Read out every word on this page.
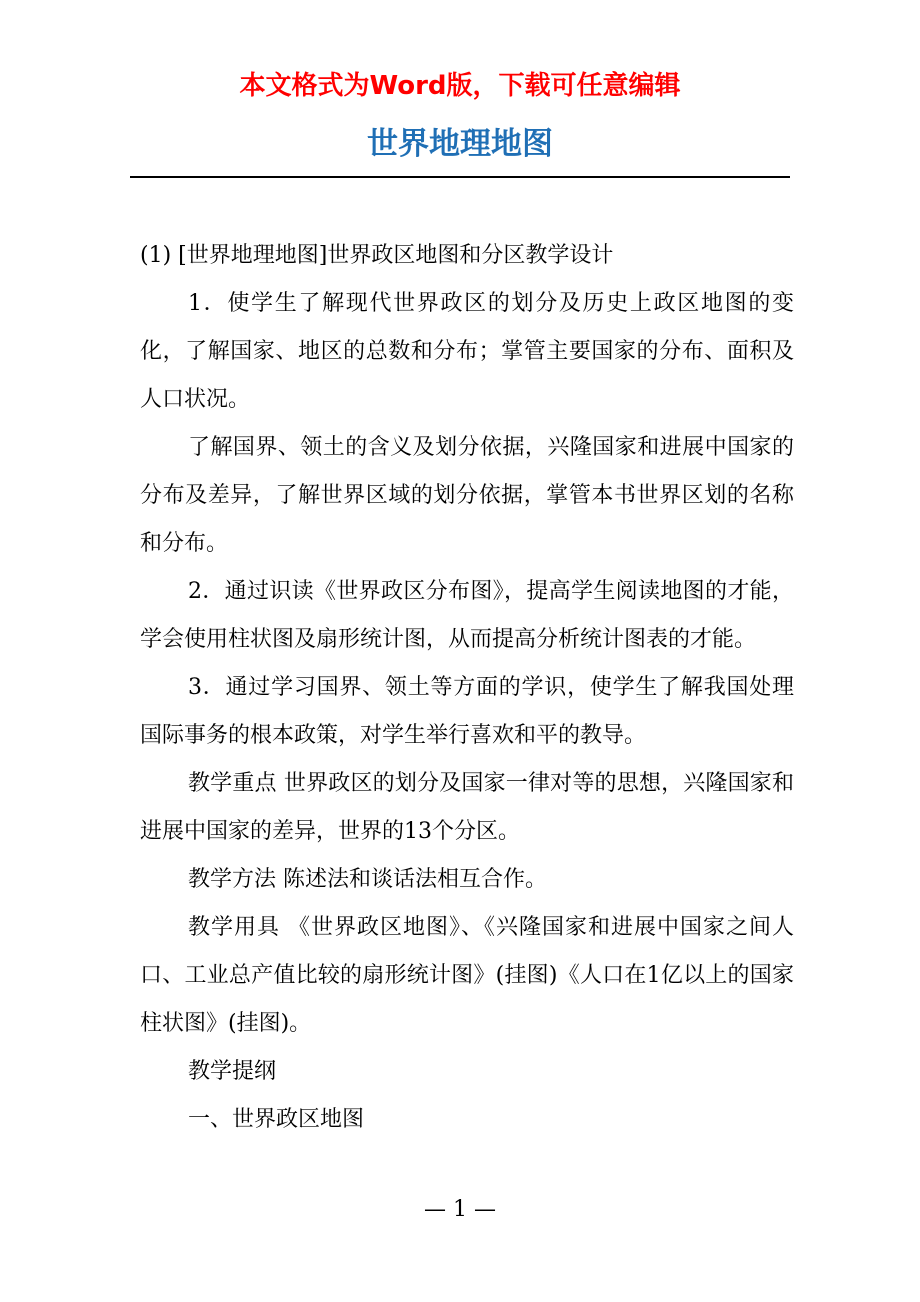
本文格式为Word版，下载可任意编辑
世界地理地图

(1) [世界地理地图]世界政区地图和分区教学设计

1．使学生了解现代世界政区的划分及历史上政区地图的变化，了解国家、地区的总数和分布；掌管主要国家的分布、面积及人口状况。

了解国界、领土的含义及划分依据，兴隆国家和进展中国家的分布及差异，了解世界区域的划分依据，掌管本书世界区划的名称和分布。

2．通过识读《世界政区分布图》，提高学生阅读地图的才能，学会使用柱状图及扇形统计图，从而提高分析统计图表的才能。

3．通过学习国界、领土等方面的学识，使学生了解我国处理国际事务的根本政策，对学生举行喜欢和平的教导。

教学重点 世界政区的划分及国家一律对等的思想，兴隆国家和进展中国家的差异，世界的13个分区。

教学方法 陈述法和谈话法相互合作。

教学用具 《世界政区地图》、《兴隆国家和进展中国家之间人口、工业总产值比较的扇形统计图》(挂图)《人口在1亿以上的国家柱状图》(挂图)。

教学提纲

一、世界政区地图

— 1 —
